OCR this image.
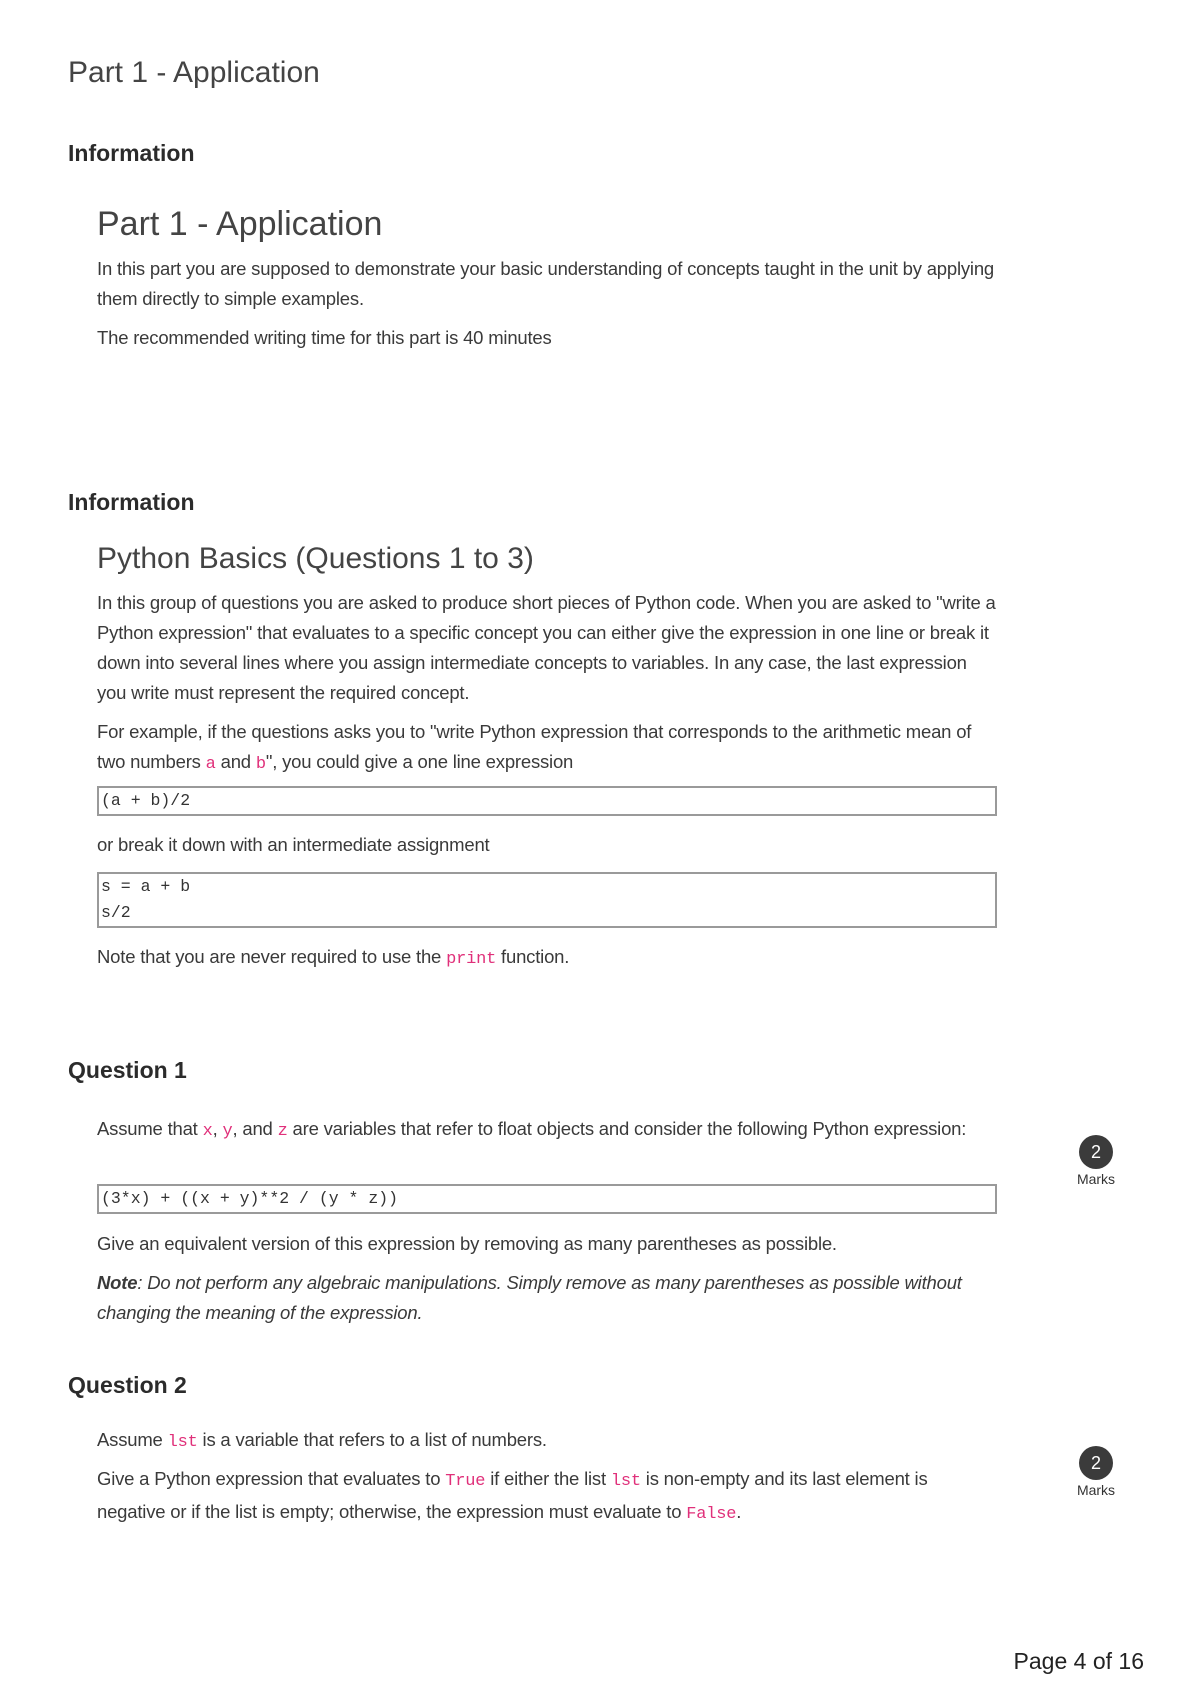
Part 1 - Application
Information
Part 1 - Application
In this part you are supposed to demonstrate your basic understanding of concepts taught in the unit by applying them directly to simple examples.
The recommended writing time for this part is 40 minutes
Information
Python Basics (Questions 1 to 3)
In this group of questions you are asked to produce short pieces of Python code. When you are asked to "write a Python expression" that evaluates to a specific concept you can either give the expression in one line or break it down into several lines where you assign intermediate concepts to variables. In any case, the last expression you write must represent the required concept.
For example, if the questions asks you to "write Python expression that corresponds to the arithmetic mean of two numbers a and b", you could give a one line expression
(a + b)/2
or break it down with an intermediate assignment
s = a + b
s/2
Note that you are never required to use the print function.
Question 1
Assume that x, y, and z are variables that refer to float objects and consider the following Python expression:
(3*x) + ((x + y)**2 / (y * z))
Give an equivalent version of this expression by removing as many parentheses as possible.
Note: Do not perform any algebraic manipulations. Simply remove as many parentheses as possible without changing the meaning of the expression.
2
Marks
Question 2
Assume lst is a variable that refers to a list of numbers.
Give a Python expression that evaluates to True if either the list lst is non-empty and its last element is negative or if the list is empty; otherwise, the expression must evaluate to False.
2
Marks
Page 4 of 16
